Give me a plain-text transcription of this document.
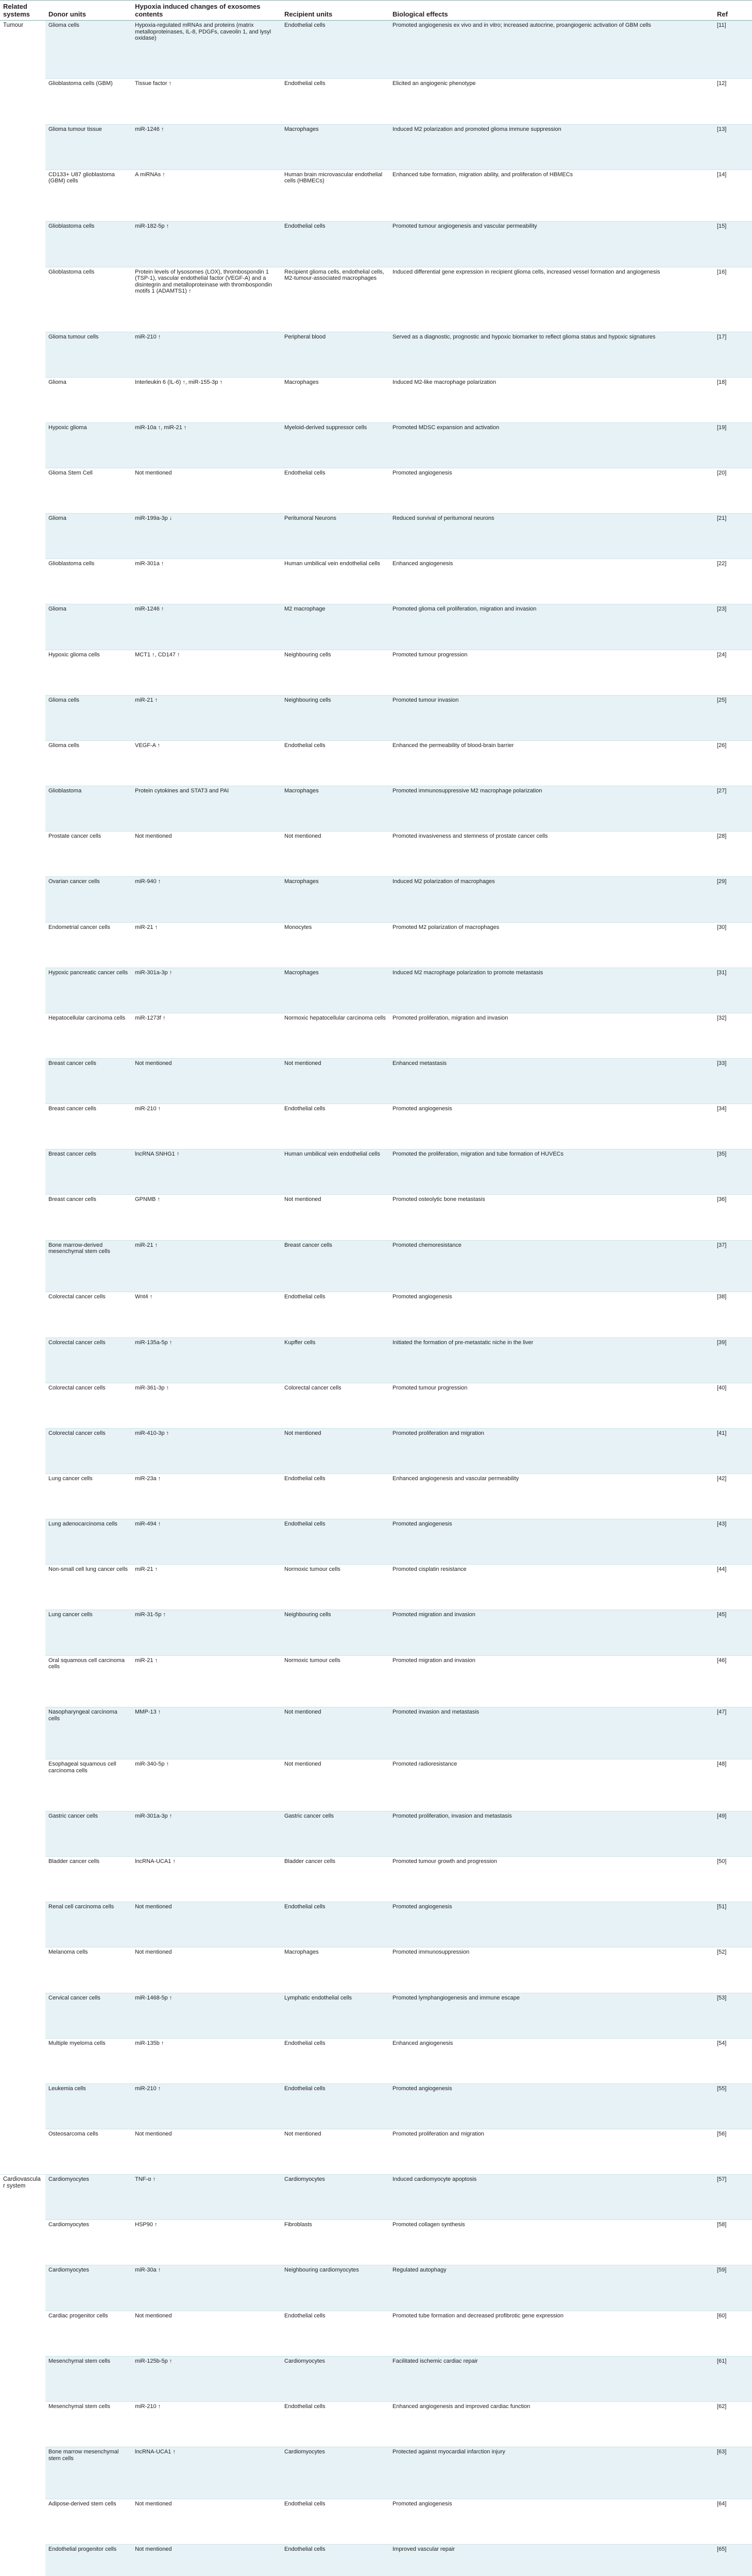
Related systems	Donor units	Hypoxia induced changes of exosomes contents	Recipient units	Biological effects	Ref
Tumour	Glioma cells	Hypoxia-regulated mRNAs and proteins (matrix metalloproteinases, IL-8, PDGFs, caveolin 1, and lysyl oxidase)	Endothelial cells	Promoted angiogenesis ex vivo and in vitro; increased autocrine, proangiogenic activation of GBM cells	[11]
	Glioblastoma cells (GBM)	Tissue factor ↑	Endothelial cells	Elicited an angiogenic phenotype	[12]
	Glioma tumour tissue	miR-1246 ↑	Macrophages	Induced M2 polarization and promoted glioma immune suppression	[13]
	CD133+ U87 glioblastoma (GBM) cells	A miRNAs ↑	Human brain microvascular endothelial cells (HBMECs)	Enhanced tube formation, migration ability, and proliferation of HBMECs	[14]
	Glioblastoma cells	miR-182-5p ↑	Endothelial cells	Promoted tumour angiogenesis and vascular permeability	[15]
	Glioblastoma cells	Protein levels of lysosomes (LOX), thrombospondin 1 (TSP-1), vascular endothelial factor (VEGF-A) and a disintegrin and metalloproteinase with thrombospondin motifs 1 (ADAMTS1) ↑	Recipient glioma cells, endothelial cells, M2-tumour-associated macrophages	Induced differential gene expression in recipient glioma cells, increased vessel formation and angiogenesis	[16]
	Glioma tumour cells	miR-210 ↑	Peripheral blood	Served as a diagnostic, prognostic and hypoxic biomarker to reflect glioma status and hypoxic signatures	[17]
	Glioma	Interleukin 6 (IL-6) ↑, miR-155-3p ↑	Macrophages	Induced M2-like macrophage polarization	[18]
	Hypoxic glioma	miR-10a ↑, miR-21 ↑	Myeloid-derived suppressor cells	Promoted MDSC expansion and activation	[19]
	Glioma Stem Cell	Not mentioned	Endothelial cells	Promoted angiogenesis	[20]
	Glioma	miR-199a-3p ↓	Peritumoral Neurons	Reduced survival of peritumoral neurons	[21]
	Glioblastoma cells	miR-301a ↑	Human umbilical vein endothelial cells	Enhanced angiogenesis	[22]
	Glioma	miR-1246 ↑	M2 macrophage	Promoted glioma cell proliferation, migration and invasion	[23]
	Hypoxic glioma cells	MCT1 ↑, CD147 ↑	Neighbouring cells	Promoted tumour progression	[24]
	Glioma cells	miR-21 ↑	Neighbouring cells	Promoted tumour invasion	[25]
	Glioma cells	VEGF-A ↑	Endothelial cells	Enhanced the permeability of blood-brain barrier	[26]
	Glioblastoma	Protein cytokines and STAT3 and PAI	Macrophages	Promoted immunosuppressive M2 macrophage polarization	[27]
	Prostate cancer cells	Not mentioned	Not mentioned	Promoted invasiveness and stemness of prostate cancer cells	[28]
	Ovarian cancer cells	miR-940 ↑	Macrophages	Induced M2 polarization of macrophages	[29]
	Endometrial cancer cells	miR-21 ↑	Monocytes	Promoted M2 polarization of macrophages	[30]
	Hypoxic pancreatic cancer cells	miR-301a-3p ↑	Macrophages	Induced M2 macrophage polarization to promote metastasis	[31]
	Hepatocellular carcinoma cells	miR-1273f ↑	Normoxic hepatocellular carcinoma cells	Promoted proliferation, migration and invasion	[32]
	Breast cancer cells	Not mentioned	Not mentioned	Enhanced metastasis	[33]
	Breast cancer cells	miR-210 ↑	Endothelial cells	Promoted angiogenesis	[34]
	Breast cancer cells	lncRNA SNHG1 ↑	Human umbilical vein endothelial cells	Promoted the proliferation, migration and tube formation of HUVECs	[35]
	Breast cancer cells	GPNMB ↑	Not mentioned	Promoted osteolytic bone metastasis	[36]
	Bone marrow-derived mesenchymal stem cells	miR-21 ↑	Breast cancer cells	Promoted chemoresistance	[37]
	Colorectal cancer cells	Wnt4 ↑	Endothelial cells	Promoted angiogenesis	[38]
	Colorectal cancer cells	miR-135a-5p ↑	Kupffer cells	Initiated the formation of pre-metastatic niche in the liver	[39]
	Colorectal cancer cells	miR-361-3p ↑	Colorectal cancer cells	Promoted tumour progression	[40]
	Colorectal cancer cells	miR-410-3p ↑	Not mentioned	Promoted proliferation and migration	[41]
	Lung cancer cells	miR-23a ↑	Endothelial cells	Enhanced angiogenesis and vascular permeability	[42]
	Lung adenocarcinoma cells	miR-494 ↑	Endothelial cells	Promoted angiogenesis	[43]
	Non-small cell lung cancer cells	miR-21 ↑	Normoxic tumour cells	Promoted cisplatin resistance	[44]
	Lung cancer cells	miR-31-5p ↑	Neighbouring cells	Promoted migration and invasion	[45]
	Oral squamous cell carcinoma cells	miR-21 ↑	Normoxic tumour cells	Promoted migration and invasion	[46]
	Nasopharyngeal carcinoma cells	MMP-13 ↑	Not mentioned	Promoted invasion and metastasis	[47]
	Esophageal squamous cell carcinoma cells	miR-340-5p ↑	Not mentioned	Promoted radioresistance	[48]
	Gastric cancer cells	miR-301a-3p ↑	Gastric cancer cells	Promoted proliferation, invasion and metastasis	[49]
	Bladder cancer cells	lncRNA-UCA1 ↑	Bladder cancer cells	Promoted tumour growth and progression	[50]
	Renal cell carcinoma cells	Not mentioned	Endothelial cells	Promoted angiogenesis	[51]
	Melanoma cells	Not mentioned	Macrophages	Promoted immunosuppression	[52]
	Cervical cancer cells	miR-1468-5p ↑	Lymphatic endothelial cells	Promoted lymphangiogenesis and immune escape	[53]
	Multiple myeloma cells	miR-135b ↑	Endothelial cells	Enhanced angiogenesis	[54]
	Leukemia cells	miR-210 ↑	Endothelial cells	Promoted angiogenesis	[55]
	Osteosarcoma cells	Not mentioned	Not mentioned	Promoted proliferation and migration	[56]
Cardiovascular system	Cardiomyocytes	TNF-α ↑	Cardiomyocytes	Induced cardiomyocyte apoptosis	[57]
	Cardiomyocytes	HSP90 ↑	Fibroblasts	Promoted collagen synthesis	[58]
	Cardiomyocytes	miR-30a ↑	Neighbouring cardiomyocytes	Regulated autophagy	[59]
	Cardiac progenitor cells	Not mentioned	Endothelial cells	Promoted tube formation and decreased profibrotic gene expression	[60]
	Mesenchymal stem cells	miR-125b-5p ↑	Cardiomyocytes	Facilitated ischemic cardiac repair	[61]
	Mesenchymal stem cells	miR-210 ↑	Endothelial cells	Enhanced angiogenesis and improved cardiac function	[62]
	Bone marrow mesenchymal stem cells	lncRNA-UCA1 ↑	Cardiomyocytes	Protected against myocardial infarction injury	[63]
	Adipose-derived stem cells	Not mentioned	Endothelial cells	Promoted angiogenesis	[64]
	Endothelial progenitor cells	Not mentioned	Endothelial cells	Improved vascular repair	[65]
